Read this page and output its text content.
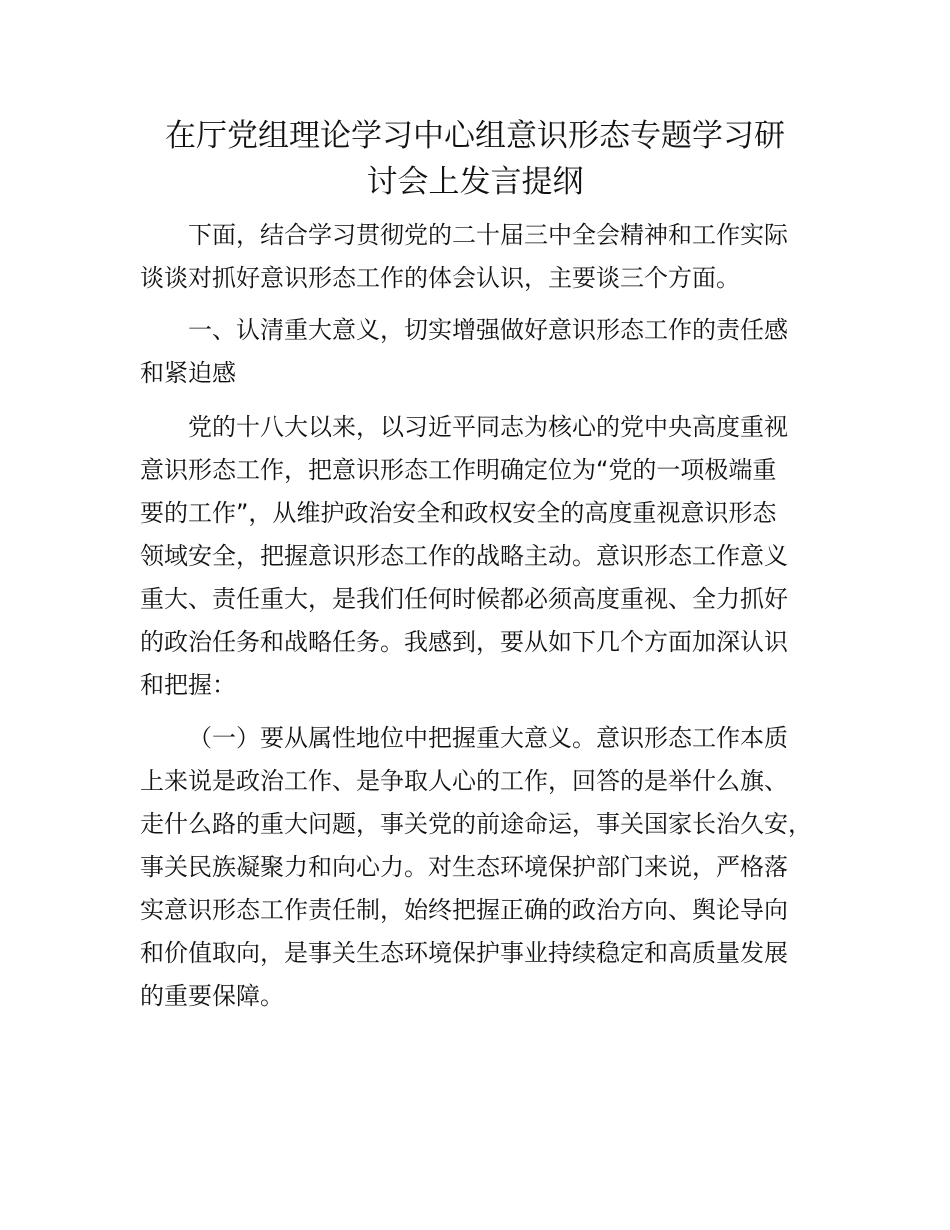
在厅党组理论学习中心组意识形态专题学习研
讨会上发言提纲

下面，结合学习贯彻党的二十届三中全会精神和工作实际
谈谈对抓好意识形态工作的体会认识，主要谈三个方面。

一、认清重大意义，切实增强做好意识形态工作的责任感
和紧迫感

党的十八大以来，以习近平同志为核心的党中央高度重视
意识形态工作，把意识形态工作明确定位为“党的一项极端重
要的工作”，从维护政治安全和政权安全的高度重视意识形态
领域安全，把握意识形态工作的战略主动。意识形态工作意义
重大、责任重大，是我们任何时候都必须高度重视、全力抓好
的政治任务和战略任务。我感到，要从如下几个方面加深认识
和把握：

（一）要从属性地位中把握重大意义。意识形态工作本质
上来说是政治工作、是争取人心的工作，回答的是举什么旗、
走什么路的重大问题，事关党的前途命运，事关国家长治久安，
事关民族凝聚力和向心力。对生态环境保护部门来说，严格落
实意识形态工作责任制，始终把握正确的政治方向、舆论导向
和价值取向，是事关生态环境保护事业持续稳定和高质量发展
的重要保障。
